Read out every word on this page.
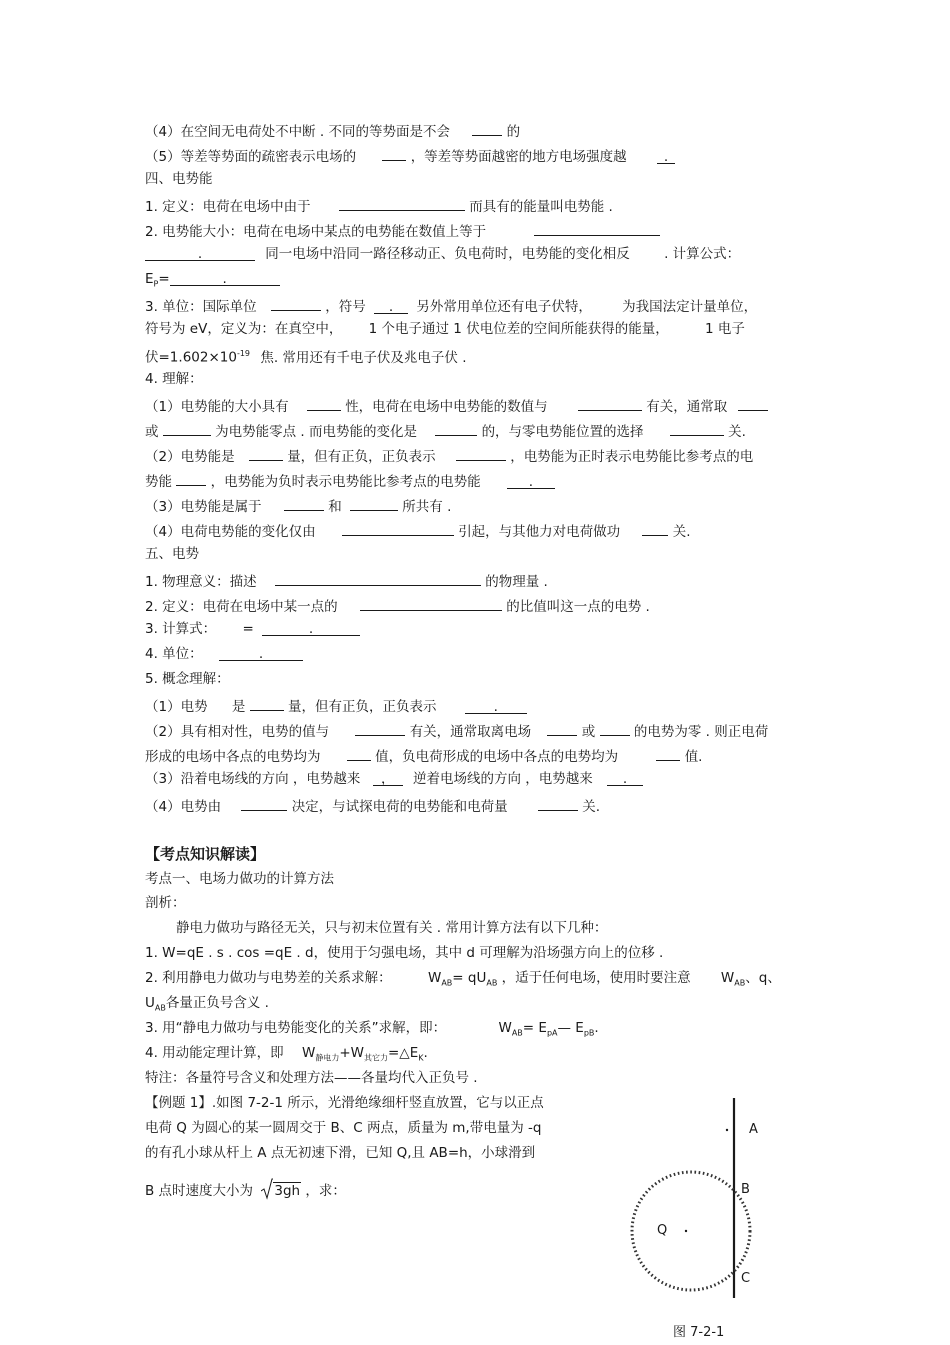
（4）在空间无电荷处不中断 . 不同的等势面是不会	的
（5）等差等势面的疏密表示电场的	，等差等势面越密的地方电场强度越	.
四、电势能
1. 定义：电荷在电场中由于	而具有的能量叫电势能 .
2. 电势能大小：电荷在电场中某点的电势能在数值上等于
.	同一电场中沿同一路径移动正、负电荷时，电势能的变化相反	. 计算公式：
$E_P=$	.
3. 单位：国际单位	，符号 . 另外常用单位还有电子伏特， 为我国法定计量单位，
符号为 eV，定义为：在真空中， 1 个电子通过 1 伏电位差的空间所能获得的能量，	1 电子
伏$=1.602\times 10^{-19}$ 焦. 常用还有千电子伏及兆电子伏 .
4. 理解：
（1）电势能的大小具有	性，电荷在电场中电势能的数值与	有关，通常取
或	为电势能零点 . 而电势能的变化是	的，与零电势能位置的选择	关.
（2）电势能是	量，但有正负，正负表示	，电势能为正时表示电势能比参考点的电
势能	，电势能为负时表示电势能比参考点的电势能	.
（3）电势能是属于	和	所共有 .
（4）电荷电势能的变化仅由	引起，与其他力对电荷做功	关.
五、电势
1. 物理意义：描述	的物理量 .
2. 定义：电荷在电场中某一点的	的比值叫这一点的电势 .
3. 计算式： =	.
4. 单位：	.
5. 概念理解：
（1）电势 是	量，但有正负，正负表示	.
（2）具有相对性，电势的值与	有关，通常取离电场	或	的电势为零 . 则正电荷
形成的电场中各点的电势均为	值，负电荷形成的电场中各点的电势均为	值.
（3）沿着电场线的方向 ，电势越来 ， 逆着电场线的方向 ，电势越来 .
（4）电势由	决定，与试探电荷的电势能和电荷量	关.
【考点知识解读】
考点一、电场力做功的计算方法
剖析：
静电力做功与路径无关，只与初末位置有关 . 常用计算方法有以下几种：
1. W=qE . s . cos =qE . d，使用于匀强电场，其中 d 可理解为沿场强方向上的位移 .
2. 利用静电力做功与电势差的关系求解：	$W_{AB}= qU_{AB}$ ，适于任何电场，使用时要注意 $W_{AB}$、q、
$U_{AB}$各量正负号含义 .
3. 用“静电力做功与电势能变化的关系”求解，即：	$W_{AB}=$ $E_{pA}—$ $E_{pB}$.
4. 用动能定理计算，即 $W_{静电力}+W_{其它力}=\triangle E_K$.
特注：各量符号含义和处理方法——各量均代入正负号 .
【例题 1】.如图 7-2-1 所示，光滑绝缘细杆竖直放置，它与以正点
电荷 Q 为圆心的某一圆周交于 B、C 两点，质量为 m,带电量为 -q
的有孔小球从杆上 A 点无初速下滑，已知 Q,且 AB=h，小球滑到
B 点时速度大小为 3gh ，求：
A
B
Q
C
图 7-2-1
